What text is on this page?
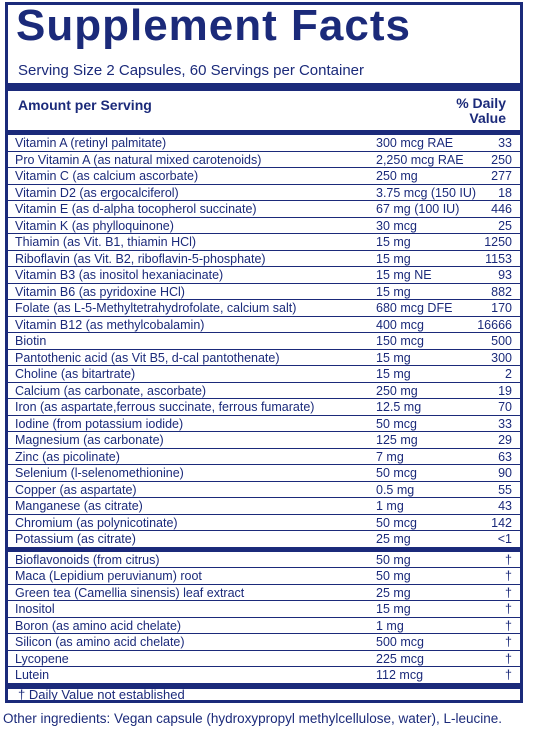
Supplement Facts
Serving Size 2 Capsules, 60 Servings per Container
Amount per Serving	% Daily
Value
Vitamin A (retinyl palmitate)	300 mcg RAE	33
Pro Vitamin A (as natural mixed carotenoids)	2,250 mcg RAE	250
Vitamin C (as calcium ascorbate)	250 mg	277
Vitamin D2 (as ergocalciferol)	3.75 mcg (150 IU)	18
Vitamin E (as d-alpha tocopherol succinate)	67 mg (100 IU)	446
Vitamin K (as phylloquinone)	30 mcg	25
Thiamin (as Vit. B1, thiamin HCl)	15 mg	1250
Riboflavin (as Vit. B2, riboflavin-5-phosphate)	15 mg	1153
Vitamin B3 (as inositol hexaniacinate)	15 mg NE	93
Vitamin B6 (as pyridoxine HCl)	15 mg	882
Folate (as L-5-Methyltetrahydrofolate, calcium salt)	680 mcg DFE	170
Vitamin B12 (as methylcobalamin)	400 mcg	16666
Biotin	150 mcg	500
Pantothenic acid (as Vit B5, d-cal pantothenate)	15 mg	300
Choline (as bitartrate)	15 mg	2
Calcium (as carbonate, ascorbate)	250 mg	19
Iron (as aspartate,ferrous succinate, ferrous fumarate)	12.5 mg	70
Iodine (from potassium iodide)	50 mcg	33
Magnesium (as carbonate)	125 mg	29
Zinc (as picolinate)	7 mg	63
Selenium (l-selenomethionine)	50 mcg	90
Copper (as aspartate)	0.5 mg	55
Manganese (as citrate)	1 mg	43
Chromium (as polynicotinate)	50 mcg	142
Potassium (as citrate)	25 mg	<1
Bioflavonoids (from citrus)	50 mg	†
Maca (Lepidium peruvianum) root	50 mg	†
Green tea (Camellia sinensis) leaf extract	25 mg	†
Inositol	15 mg	†
Boron (as amino acid chelate)	1 mg	†
Silicon (as amino acid chelate)	500 mcg	†
Lycopene	225 mcg	†
Lutein	112 mcg	†
† Daily Value not established
Other ingredients: Vegan capsule (hydroxypropyl methylcellulose, water), L-leucine.
